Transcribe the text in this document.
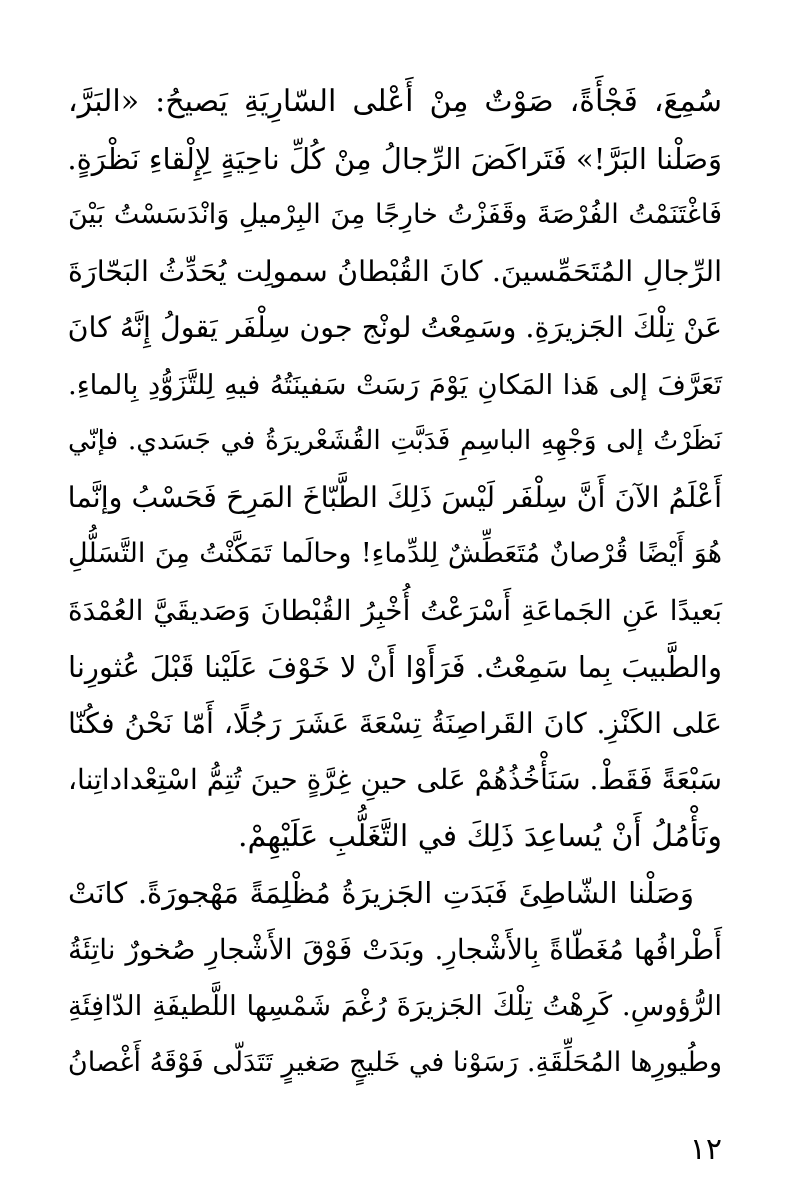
سُمِعَ، فَجْأَةً، صَوْتٌ مِنْ أَعْلى السّارِيَةِ يَصيحُ: «البَرَّ،
وَصَلْنا البَرَّ!» فَتَراكَضَ الرِّجالُ مِنْ كُلِّ ناحِيَةٍ لِإِلْقاءِ نَظْرَةٍ.
فَاغْتَنَمْتُ الفُرْصَةَ وقَفَزْتُ خارِجًا مِنَ البِرْميلِ وَانْدَسَسْتُ بَيْنَ
الرِّجالِ المُتَحَمِّسينَ. كانَ القُبْطانُ سمولِت يُحَدِّثُ البَحّارَةَ
عَنْ تِلْكَ الجَزيرَةِ. وسَمِعْتُ لونْج جون سِلْفَر يَقولُ إِنَّهُ كانَ
تَعَرَّفَ إلى هَذا المَكانِ يَوْمَ رَسَتْ سَفينَتُهُ فيهِ لِلتَّزَوُّدِ بِالماءِ.
نَظَرْتُ إلى وَجْهِهِ الباسِمِ فَدَبَّتِ القُشَعْريرَةُ في جَسَدي. فإنّي
أَعْلَمُ الآنَ أَنَّ سِلْفَر لَيْسَ ذَلِكَ الطَّبّاخَ المَرِحَ فَحَسْبُ وإنَّما
هُوَ أَيْضًا قُرْصانٌ مُتَعَطِّشٌ لِلدِّماءِ! وحالَما تَمَكَّنْتُ مِنَ التَّسَلُّلِ
بَعيدًا عَنِ الجَماعَةِ أَسْرَعْتُ أُخْبِرُ القُبْطانَ وَصَديقَيَّ العُمْدَةَ
والطَّبيبَ بِما سَمِعْتُ. فَرَأَوْا أَنْ لا خَوْفَ عَلَيْنا قَبْلَ عُثورِنا
عَلى الكَنْزِ. كانَ القَراصِنَةُ تِسْعَةَ عَشَرَ رَجُلًا، أَمّا نَحْنُ فكُنّا
سَبْعَةً فَقَطْ. سَنَأْخُذُهُمْ عَلى حينِ غِرَّةٍ حينَ تُتِمُّ اسْتِعْداداتِنا،
ونَأْمُلُ أَنْ يُساعِدَ ذَلِكَ في التَّغَلُّبِ عَلَيْهِمْ.
وَصَلْنا الشّاطِئَ فَبَدَتِ الجَزيرَةُ مُظْلِمَةً مَهْجورَةً. كانَتْ
أَطْرافُها مُغَطّاةً بِالأَشْجارِ. وبَدَتْ فَوْقَ الأَشْجارِ صُخورٌ ناتِئَةُ
الرُّؤوسِ. كَرِهْتُ تِلْكَ الجَزيرَةَ رُغْمَ شَمْسِها اللَّطيفَةِ الدّافِئَةِ
وطُيورِها المُحَلِّقَةِ. رَسَوْنا في خَليجٍ صَغيرٍ تَتَدَلّى فَوْقَهُ أَغْصانُ
١٢
